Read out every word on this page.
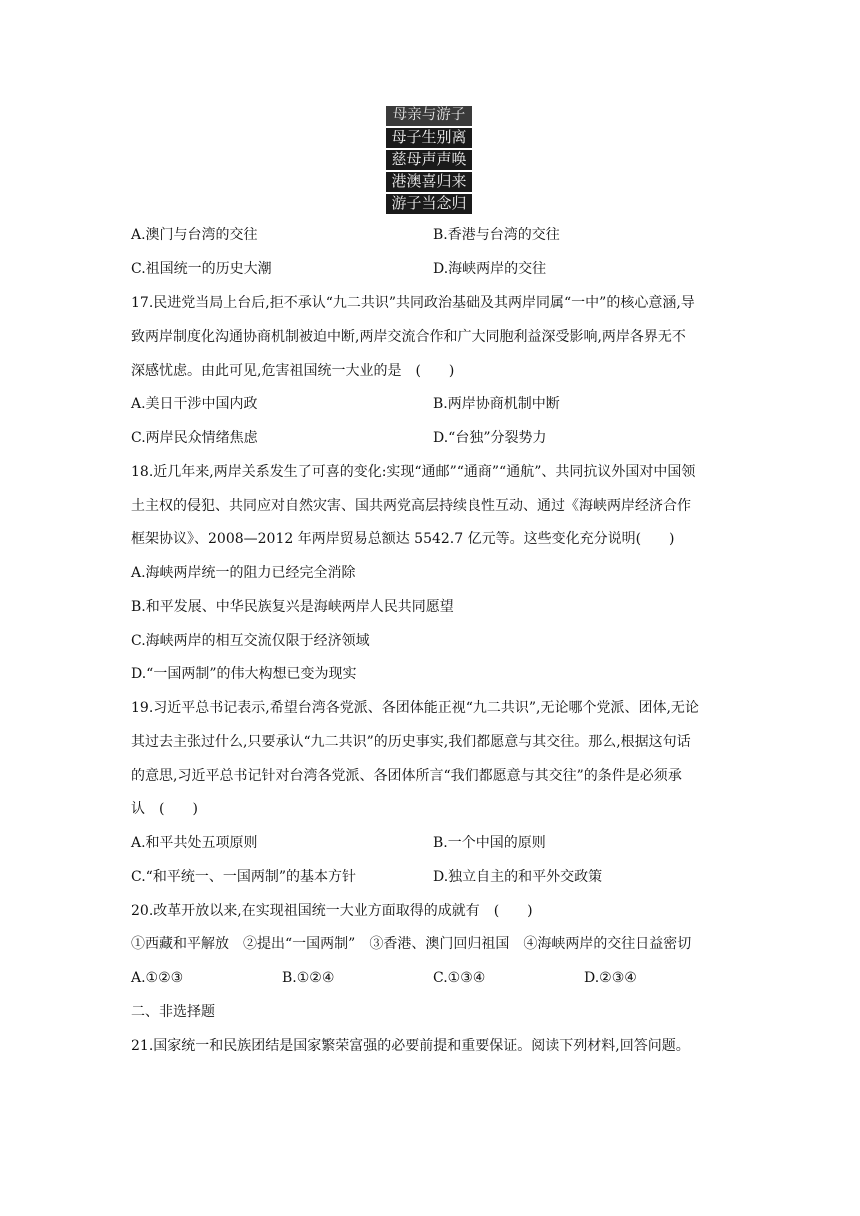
母亲与游子
母子生别离
慈母声声唤
港澳喜归来
游子当念归
A.澳门与台湾的交往	B.香港与台湾的交往
C.祖国统一的历史大潮	D.海峡两岸的交往
17.民进党当局上台后,拒不承认“九二共识”共同政治基础及其两岸同属“一中”的核心意涵,导
致两岸制度化沟通协商机制被迫中断,两岸交流合作和广大同胞利益深受影响,两岸各界无不
深感忧虑。由此可见,危害祖国统一大业的是　(　　)
A.美日干涉中国内政	B.两岸协商机制中断
C.两岸民众情绪焦虑	D.“台独”分裂势力
18.近几年来,两岸关系发生了可喜的变化:实现“通邮”“通商”“通航”、共同抗议外国对中国领
土主权的侵犯、共同应对自然灾害、国共两党高层持续良性互动、通过《海峡两岸经济合作
框架协议》、2008—2012 年两岸贸易总额达 5542.7 亿元等。这些变化充分说明(　　)
A.海峡两岸统一的阻力已经完全消除
B.和平发展、中华民族复兴是海峡两岸人民共同愿望
C.海峡两岸的相互交流仅限于经济领域
D.“一国两制”的伟大构想已变为现实
19.习近平总书记表示,希望台湾各党派、各团体能正视“九二共识”,无论哪个党派、团体,无论
其过去主张过什么,只要承认“九二共识”的历史事实,我们都愿意与其交往。那么,根据这句话
的意思,习近平总书记针对台湾各党派、各团体所言“我们都愿意与其交往”的条件是必须承
认　(　　)
A.和平共处五项原则	B.一个中国的原则
C.“和平统一、一国两制”的基本方针	D.独立自主的和平外交政策
20.改革开放以来,在实现祖国统一大业方面取得的成就有　(　　)
①西藏和平解放　②提出“一国两制”　③香港、澳门回归祖国　④海峡两岸的交往日益密切
A.①②③	B.①②④	C.①③④	D.②③④
二、非选择题
21.国家统一和民族团结是国家繁荣富强的必要前提和重要保证。阅读下列材料,回答问题。
